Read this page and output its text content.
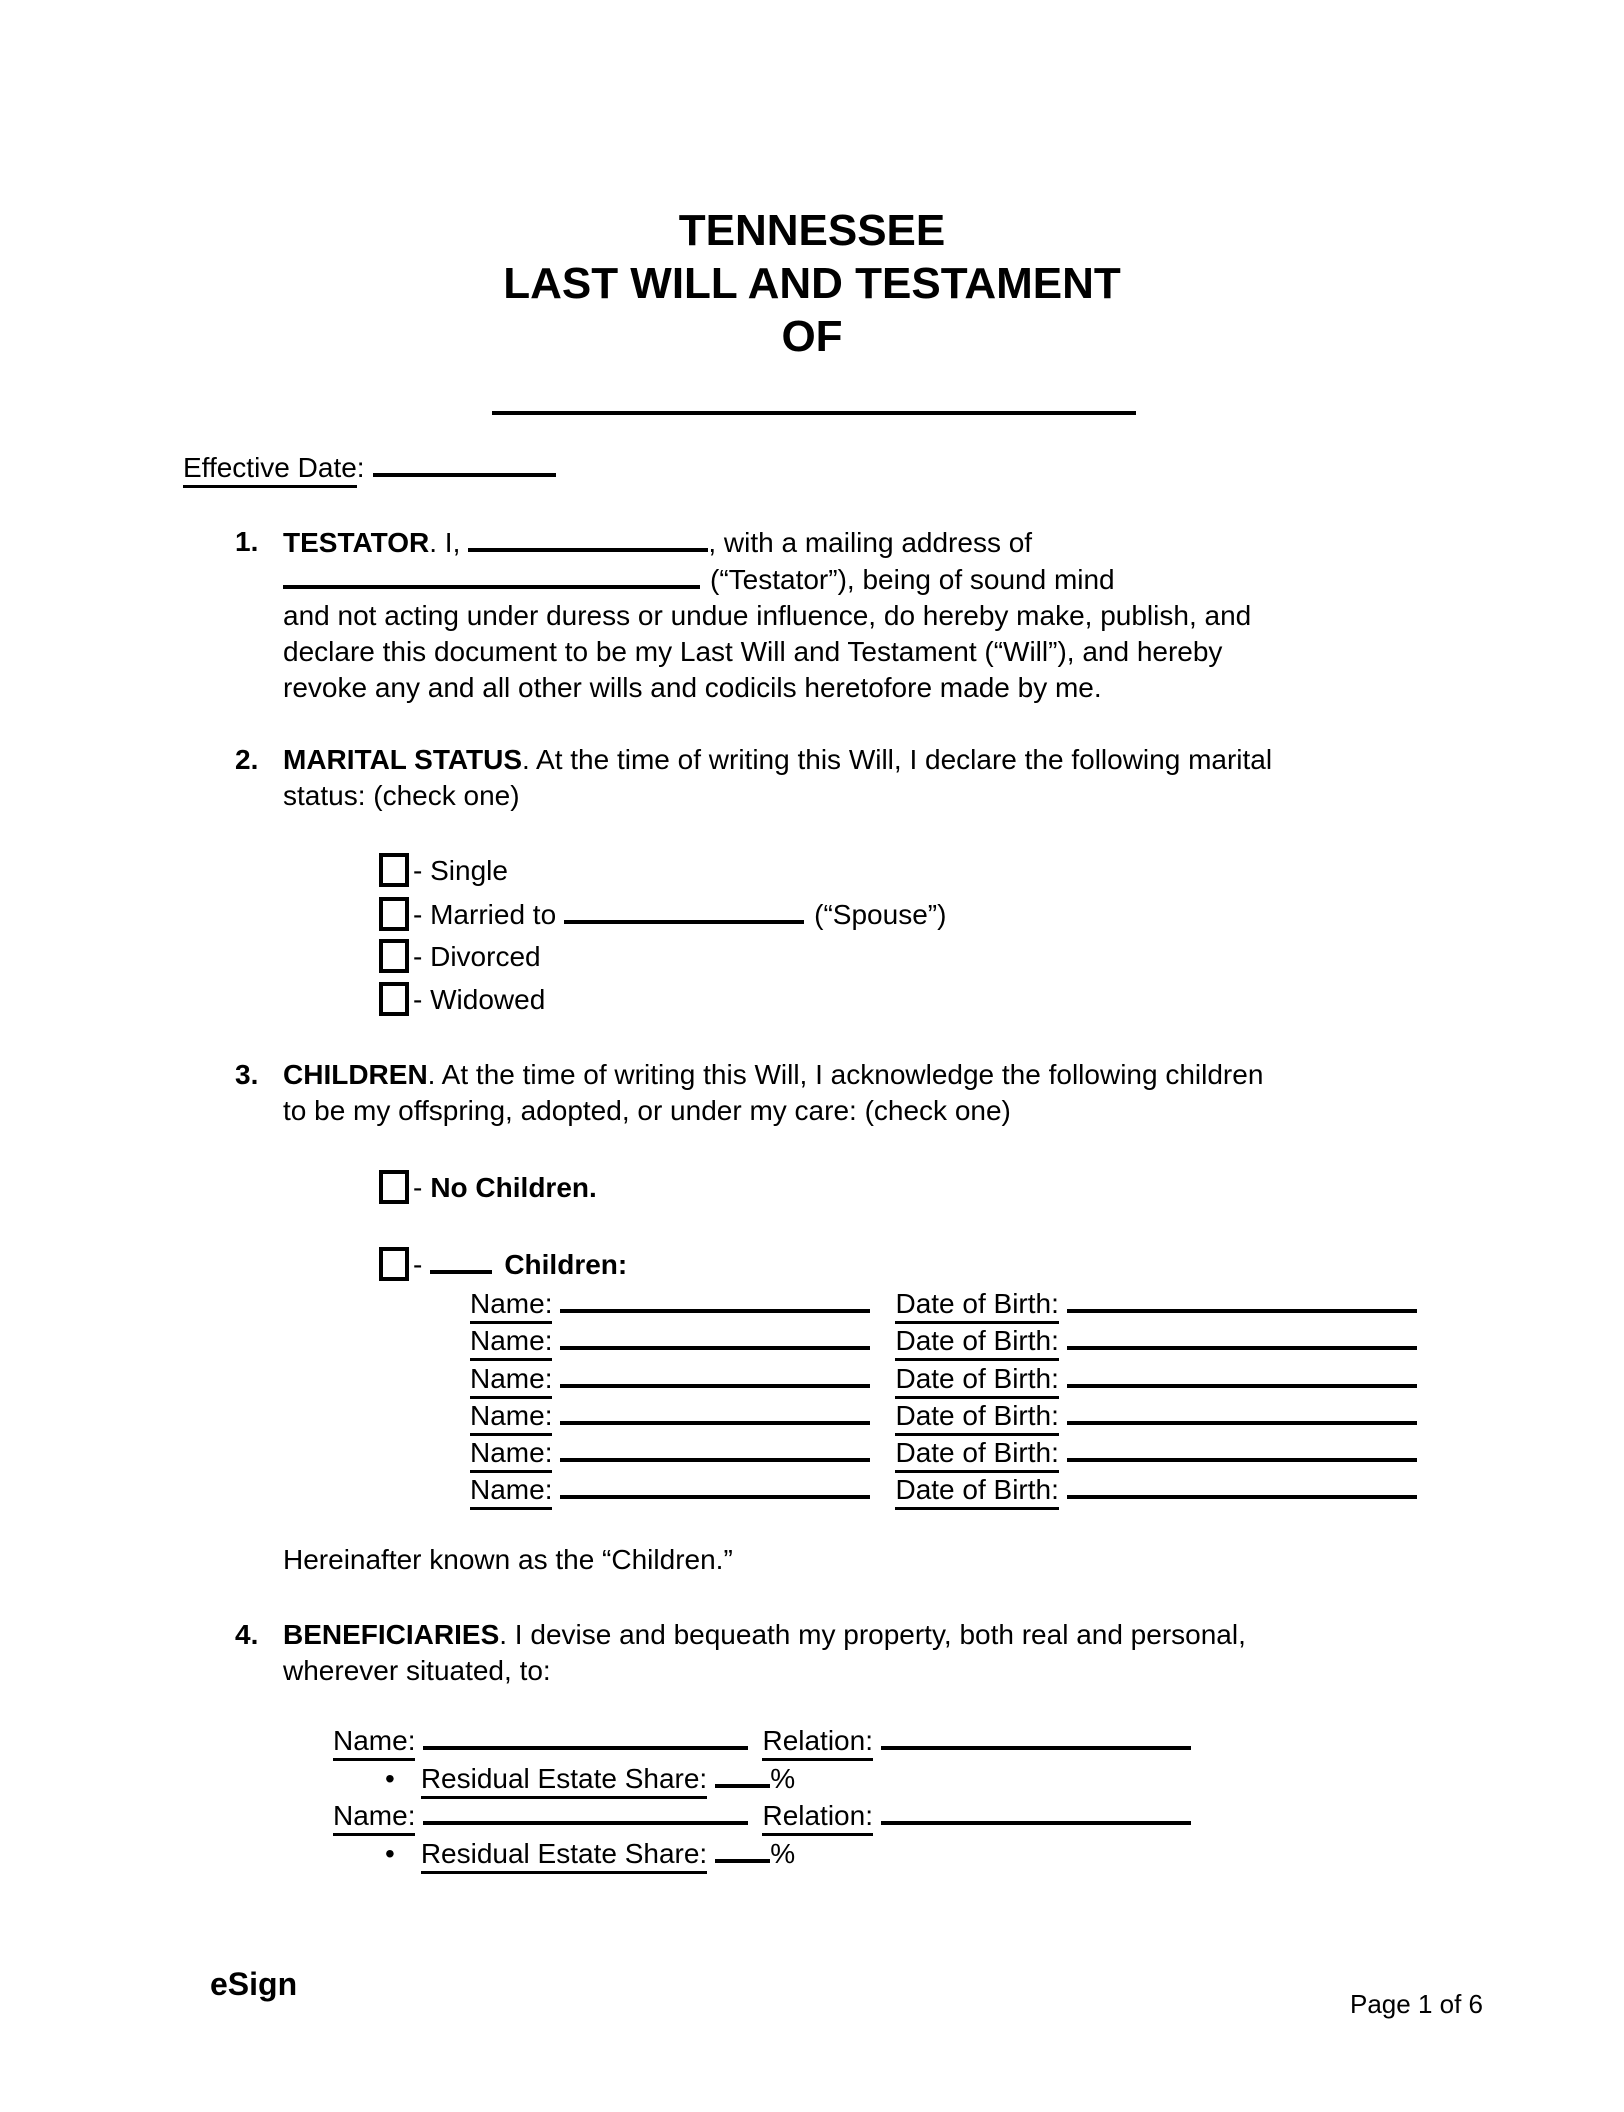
TENNESSEE
LAST WILL AND TESTAMENT
OF
Effective Date:
1. TESTATOR. I,	, with a mailing address of
(“Testator”), being of sound mind
and not acting under duress or undue influence, do hereby make, publish, and
declare this document to be my Last Will and Testament (“Will”), and hereby
revoke any and all other wills and codicils heretofore made by me.
2. MARITAL STATUS. At the time of writing this Will, I declare the following marital
status: (check one)
- Single
- Married to	(“Spouse”)
- Divorced
- Widowed
3. CHILDREN. At the time of writing this Will, I acknowledge the following children
to be my offspring, adopted, or under my care: (check one)
- No Children.
-	Children:
Name:	Date of Birth:
Name:	Date of Birth:
Name:	Date of Birth:
Name:	Date of Birth:
Name:	Date of Birth:
Name:	Date of Birth:
Hereinafter known as the “Children.”
4. BENEFICIARIES. I devise and bequeath my property, both real and personal,
wherever situated, to:
Name:	Relation:
• Residual Estate Share: %
Name:	Relation:
• Residual Estate Share: %
eSign
Page 1 of 6
